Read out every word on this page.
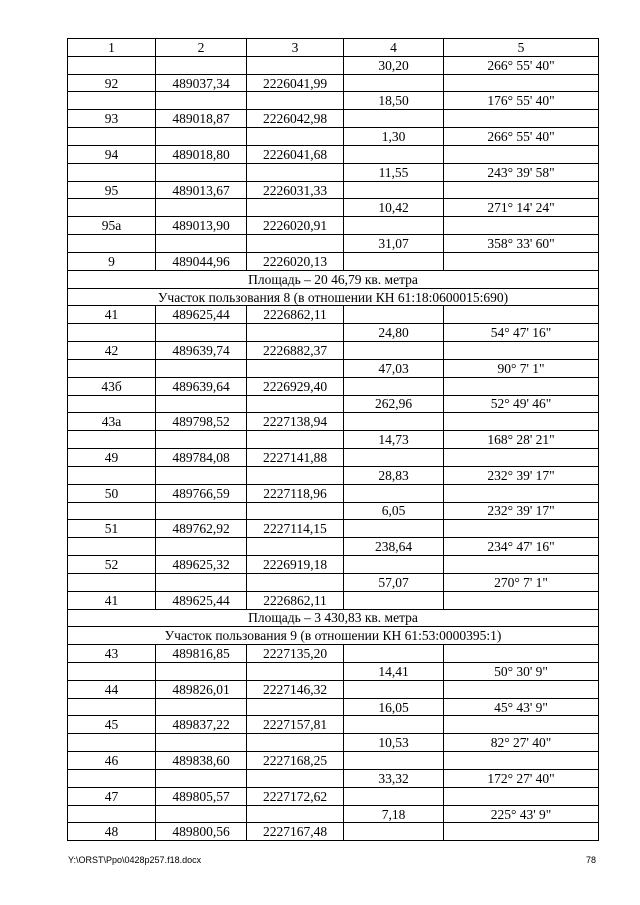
1	2	3	4	5
			30,20	266° 55' 40"
92	489037,34	2226041,99		
			18,50	176° 55' 40"
93	489018,87	2226042,98		
			1,30	266° 55' 40"
94	489018,80	2226041,68		
			11,55	243° 39' 58"
95	489013,67	2226031,33		
			10,42	271° 14' 24"
95а	489013,90	2226020,91		
			31,07	358° 33' 60"
9	489044,96	2226020,13		
Площадь – 20 46,79 кв. метра				
Участок пользования 8 (в отношении КН 61:18:0600015:690)				
41	489625,44	2226862,11		
			24,80	54° 47' 16"
42	489639,74	2226882,37		
			47,03	90° 7' 1"
43б	489639,64	2226929,40		
			262,96	52° 49' 46"
43а	489798,52	2227138,94		
			14,73	168° 28' 21"
49	489784,08	2227141,88		
			28,83	232° 39' 17"
50	489766,59	2227118,96		
			6,05	232° 39' 17"
51	489762,92	2227114,15		
			238,64	234° 47' 16"
52	489625,32	2226919,18		
			57,07	270° 7' 1"
41	489625,44	2226862,11		
Площадь – 3 430,83 кв. метра				
Участок пользования 9 (в отношении КН 61:53:0000395:1)				
43	489816,85	2227135,20		
			14,41	50° 30' 9"
44	489826,01	2227146,32		
			16,05	45° 43' 9"
45	489837,22	2227157,81		
			10,53	82° 27' 40"
46	489838,60	2227168,25		
			33,32	172° 27' 40"
47	489805,57	2227172,62		
			7,18	225° 43' 9"
48	489800,56	2227167,48		
Y:\ORST\Ppo\0428p257.f18.docx	78
